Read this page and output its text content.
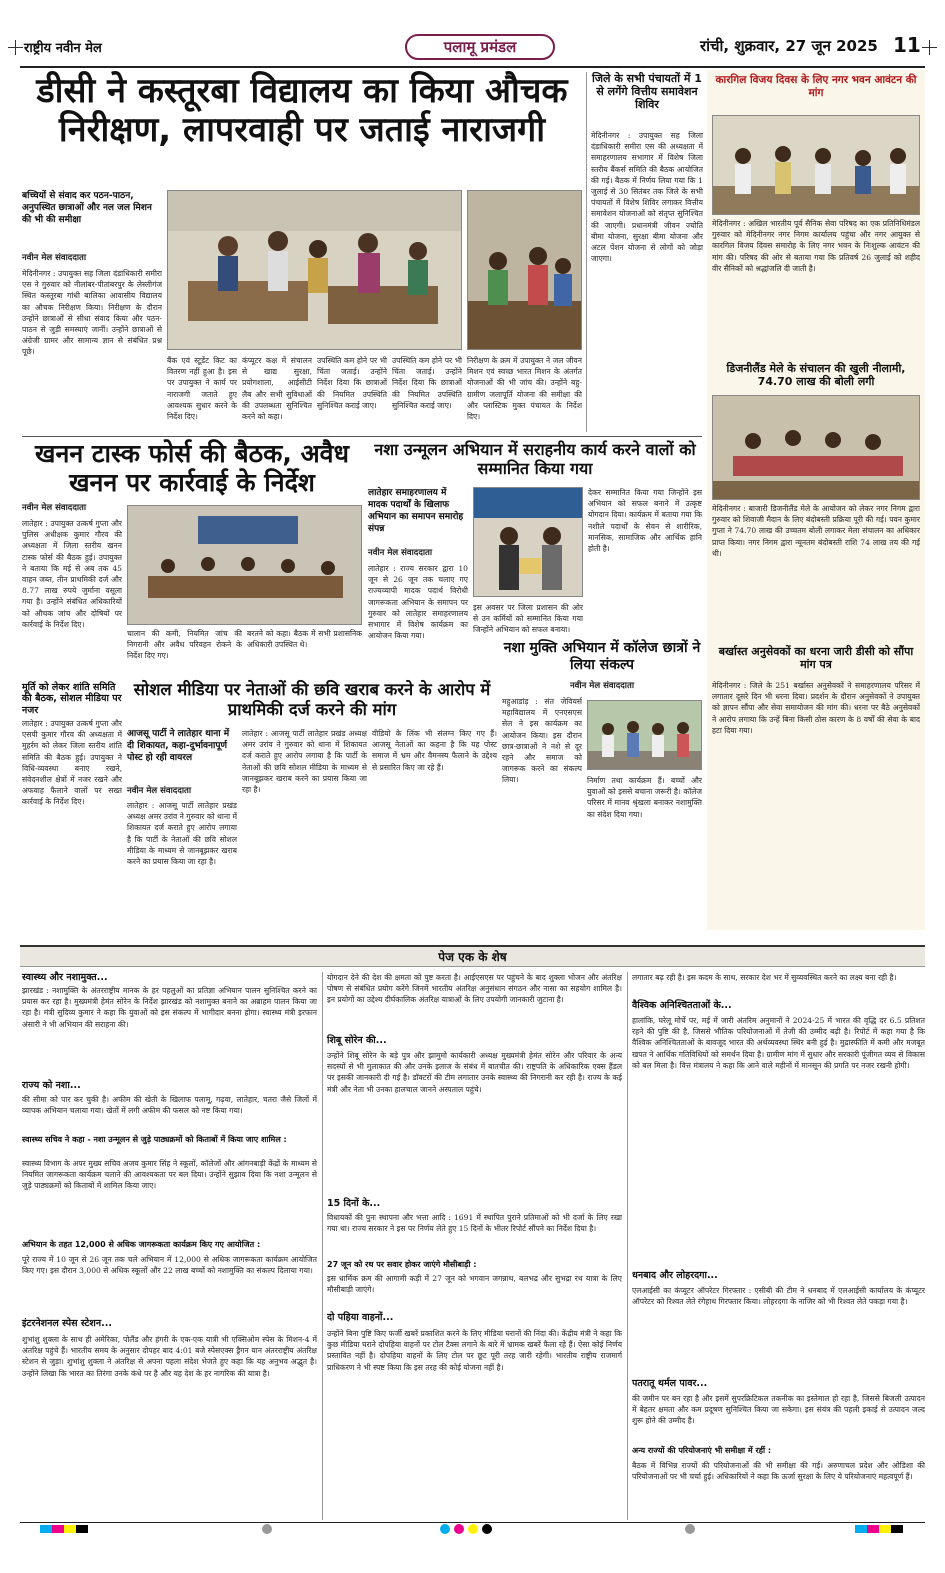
राष्ट्रीय नवीन मेल	पलामू प्रमंडल	रांची, शुक्रवार, 27 जून 2025 11
डीसी ने कस्तूरबा विद्यालय का किया औचक निरीक्षण, लापरवाही पर जताई नाराजगी
बच्चियों से संवाद कर पठन-पाठन, अनुपस्थित छात्राओं और नल जल मिशन की भी की समीक्षा
नवीन मेल संवाददाता
मेदिनीनगर : उपायुक्त सह जिला दंडाधिकारी समीरा एस ने गुरुवार को नीलांबर-पीतांबरपुर के लेस्लीगंज स्थित कस्तूरबा गांधी बालिका आवासीय विद्यालय का औचक निरीक्षण किया। निरीक्षण के दौरान उन्होंने छात्राओं से सीधा संवाद किया और पठन-पाठन से जुड़ी समस्याएं जानीं। उन्होंने छात्राओं से अंग्रेजी ग्रामर और सामान्य ज्ञान से संबंधित प्रश्न पूछे।
बैंक एवं स्टूडेंट किट का वितरण नहीं हुआ है। इस पर उपायुक्त ने कार्य पर नाराजगी जताते हुए आवश्यक सुधार करने के निर्देश दिए।
कंप्यूटर कक्ष में संचालन से खाद्य सुरक्षा, प्रयोगशाला, आईसीटी लैब और सभी सुविधाओं की उपलब्धता सुनिश्चित करने को कहा।
उपस्थिति कम होने पर भी चिंता जताई। उन्होंने निर्देश दिया कि छात्राओं की नियमित उपस्थिति सुनिश्चित कराई जाए।
उपस्थिति कम होने पर भी चिंता जताई। उन्होंने निर्देश दिया कि छात्राओं की नियमित उपस्थिति सुनिश्चित कराई जाए।
निरीक्षण के क्रम में उपायुक्त ने जल जीवन मिशन एवं स्वच्छ भारत मिशन के अंतर्गत योजनाओं की भी जांच की। उन्होंने बहु-ग्रामीण जलापूर्ति योजना की समीक्षा की और प्लास्टिक मुक्त पंचायत के निर्देश दिए।
जिले के सभी पंचायतों में 1 से लगेंगे वित्तीय समावेशन शिविर
मेदिनीनगर : उपायुक्त सह जिला दंडाधिकारी समीरा एस की अध्यक्षता में समाहरणालय सभागार में विशेष जिला स्तरीय बैंकर्स समिति की बैठक आयोजित की गई। बैठक में निर्णय लिया गया कि 1 जुलाई से 30 सितंबर तक जिले के सभी पंचायतों में विशेष शिविर लगाकर वित्तीय समावेशन योजनाओं को संतृप्त सुनिश्चित की जाएगी। प्रधानमंत्री जीवन ज्योति बीमा योजना, सुरक्षा बीमा योजना और अटल पेंशन योजना से लोगों को जोड़ा जाएगा।
कारगिल विजय दिवस के लिए नगर भवन आवंटन की मांग
मेदिनीनगर : अखिल भारतीय पूर्व सैनिक सेवा परिषद का एक प्रतिनिधिमंडल गुरुवार को मेदिनीनगर नगर निगम कार्यालय पहुंचा और नगर आयुक्त से कारगिल विजय दिवस समारोह के लिए नगर भवन के निःशुल्क आवंटन की मांग की। परिषद की ओर से बताया गया कि प्रतिवर्ष 26 जुलाई को शहीद वीर सैनिकों को श्रद्धांजलि दी जाती है।
डिजनीलैंड मेले के संचालन की खुली नीलामी, 74.70 लाख की बोली लगी
मेदिनीनगर : बाजारी डिजनीलैंड मेले के आयोजन को लेकर नगर निगम द्वारा गुरुवार को शिवाजी मैदान के लिए बंदोबस्ती प्रक्रिया पूरी की गई। पवन कुमार गुप्ता ने 74.70 लाख की उच्चतम बोली लगाकर मेला संचालन का अधिकार प्राप्त किया। नगर निगम द्वारा न्यूनतम बंदोबस्ती राशि 74 लाख तय की गई थी।
बर्खास्त अनुसेवकों का धरना जारी डीसी को सौंपा मांग पत्र
मेदिनीनगर : जिले के 251 बर्खास्त अनुसेवकों ने समाहरणालय परिसर में लगातार दूसरे दिन भी धरना दिया। प्रदर्शन के दौरान अनुसेवकों ने उपायुक्त को ज्ञापन सौंपा और सेवा समायोजन की मांग की। धरना पर बैठे अनुसेवकों ने आरोप लगाया कि उन्हें बिना किसी ठोस कारण के 8 वर्षों की सेवा के बाद हटा दिया गया।
खनन टास्क फोर्स की बैठक, अवैध खनन पर कार्रवाई के निर्देश
नवीन मेल संवाददाता
लातेहार : उपायुक्त उत्कर्ष गुप्ता और पुलिस अधीक्षक कुमार गौरव की अध्यक्षता में जिला स्तरीय खनन टास्क फोर्स की बैठक हुई। उपायुक्त ने बताया कि मई से अब तक 45 वाहन जब्त, तीन प्राथमिकी दर्ज और 8.77 लाख रुपये जुर्माना वसूला गया है। उन्होंने संबंधित अधिकारियों को औचक जांच और दोषियों पर कार्रवाई के निर्देश दिए।
चालान की कमी, नियमित जांच की निगरानी और अवैध परिवहन रोकने के निर्देश दिए गए।
बरतने को कहा। बैठक में सभी प्रशासनिक अधिकारी उपस्थित थे।
मूर्ति को लेकर शांति समिति की बैठक, सोशल मीडिया पर नजर
लातेहार : उपायुक्त उत्कर्ष गुप्ता और एसपी कुमार गौरव की अध्यक्षता में मुहर्रम को लेकर जिला स्तरीय शांति समिति की बैठक हुई। उपायुक्त ने विधि-व्यवस्था बनाए रखने, संवेदनशील क्षेत्रों में नजर रखने और अफवाह फैलाने वालों पर सख्त कार्रवाई के निर्देश दिए।
नशा उन्मूलन अभियान में सराहनीय कार्य करने वालों को सम्मानित किया गया
लातेहार समाहरणालय में मादक पदार्थों के खिलाफ अभियान का समापन समारोह संपन्न
नवीन मेल संवाददाता
लातेहार : राज्य सरकार द्वारा 10 जून से 26 जून तक चलाए गए राज्यव्यापी मादक पदार्थ विरोधी जागरूकता अभियान के समापन पर गुरुवार को लातेहार समाहरणालय सभागार में विशेष कार्यक्रम का आयोजन किया गया।
इस अवसर पर जिला प्रशासन की ओर से उन कर्मियों को सम्मानित किया गया जिन्होंने अभियान को सफल बनाया।
देकर सम्मानित किया गया जिन्होंने इस अभियान को सफल बनाने में उत्कृष्ट योगदान दिया। कार्यक्रम में बताया गया कि नशीले पदार्थों के सेवन से शारीरिक, मानसिक, सामाजिक और आर्थिक हानि होती है।
सोशल मीडिया पर नेताओं की छवि खराब करने के आरोप में प्राथमिकी दर्ज करने की मांग
आजसू पार्टी ने लातेहार थाना में दी शिकायत, कहा-दुर्भावनापूर्ण पोस्ट हो रही वायरल
नवीन मेल संवाददाता
लातेहार : आजसू पार्टी लातेहार प्रखंड अध्यक्ष अमर उरांव ने गुरुवार को थाना में शिकायत दर्ज कराते हुए आरोप लगाया है कि पार्टी के नेताओं की छवि सोशल मीडिया के माध्यम से जानबूझकर खराब करने का प्रयास किया जा रहा है।
लातेहार : आजसू पार्टी लातेहार प्रखंड अध्यक्ष अमर उरांव ने गुरुवार को थाना में शिकायत दर्ज कराते हुए आरोप लगाया है कि पार्टी के नेताओं की छवि सोशल मीडिया के माध्यम से जानबूझकर खराब करने का प्रयास किया जा रहा है।
वीडियो के लिंक भी संलग्न किए गए हैं। आजसू नेताओं का कहना है कि यह पोस्ट समाज में भ्रम और वैमनस्य फैलाने के उद्देश्य से प्रसारित किए जा रहे हैं।
नशा मुक्ति अभियान में कॉलेज छात्रों ने लिया संकल्प
नवीन मेल संवाददाता
महुआडांड़ : संत जेवियर्स महाविद्यालय में एनएसएस सेल ने इस कार्यक्रम का आयोजन किया। इस दौरान छात्र-छात्राओं ने नशे से दूर रहने और समाज को जागरूक करने का संकल्प लिया।	निर्माण तथा कार्यक्रम हैं। बच्चों और युवाओं को इससे बचाना जरूरी है। कॉलेज परिसर में मानव श्रृंखला बनाकर नशामुक्ति का संदेश दिया गया।
पेज एक के शेष
स्वास्थ्य और नशामुक्त...
झारखंड : नशामुक्ति के अंतरराष्ट्रीय मानक के हर पहलुओं का प्रतिज्ञा अभियान पालन सुनिश्चित करने का प्रयास कर रहा है। मुख्यमंत्री हेमंत सोरेन के निर्देश झारखंड को नशामुक्त बनाने का अब्राहम पालन किया जा रहा है। मंत्री सुदिव्य कुमार ने कहा कि युवाओं को इस संकल्प में भागीदार बनना होगा। स्वास्थ्य मंत्री इरफान अंसारी ने भी अभियान की सराहना की।
राज्य को नशा...
की सीमा को पार कर चुकी है। अफीम की खेती के खिलाफ पलामू, गढ़वा, लातेहार, चतरा जैसे जिलों में व्यापक अभियान चलाया गया। खेतों में लगी अफीम की फसल को नष्ट किया गया।
स्वास्थ्य सचिव ने कहा - नशा उन्मूलन से जुड़े पाठ्यक्रमों को किताबों में किया जाए शामिल :
स्वास्थ्य विभाग के अपर मुख्य सचिव अजय कुमार सिंह ने स्कूलों, कॉलेजों और आंगनबाड़ी केंद्रों के माध्यम से नियमित जागरूकता कार्यक्रम चलाने की आवश्यकता पर बल दिया। उन्होंने सुझाव दिया कि नशा उन्मूलन से जुड़े पाठ्यक्रमों को किताबों में शामिल किया जाए।
अभियान के तहत 12,000 से अधिक जागरूकता कार्यक्रम किए गए आयोजित :
पूरे राज्य में 10 जून से 26 जून तक चले अभियान में 12,000 से अधिक जागरूकता कार्यक्रम आयोजित किए गए। इस दौरान 3,000 से अधिक स्कूलों और 22 लाख बच्चों को नशामुक्ति का संकल्प दिलाया गया।
इंटरनेशनल स्पेस स्टेशन...
शुभांशु शुक्ला के साथ ही अमेरिका, पोलैंड और हंगरी के एक-एक यात्री भी एक्सिओम स्पेस के मिशन-4 में अंतरिक्ष पहुंचे हैं। भारतीय समय के अनुसार दोपहर बाद 4:01 बजे स्पेसएक्स ड्रैगन यान अंतरराष्ट्रीय अंतरिक्ष स्टेशन से जुड़ा। शुभांशु शुक्ला ने अंतरिक्ष से अपना पहला संदेश भेजते हुए कहा कि यह अनुभव अद्भुत है। उन्होंने लिखा कि भारत का तिरंगा उनके कंधे पर है और यह देश के हर नागरिक की यात्रा है।
योगदान देने की देश की क्षमता को पुष्ट करता है। आईएसएस पर पहुंचने के बाद शुक्ला भोजन और अंतरिक्ष पोषण से संबंधित प्रयोग करेंगे जिनमें भारतीय अंतरिक्ष अनुसंधान संगठन और नासा का सहयोग शामिल है। इन प्रयोगों का उद्देश्य दीर्घकालिक अंतरिक्ष यात्राओं के लिए उपयोगी जानकारी जुटाना है।
शिबू सोरेन की...
उन्होंने शिबू सोरेन के बड़े पुत्र और झामुमो कार्यकारी अध्यक्ष मुख्यमंत्री हेमंत सोरेन और परिवार के अन्य सदस्यों से भी मुलाकात की और उनके इलाज के संबंध में बातचीत की। राष्ट्रपति के अधिकारिक एक्स हैंडल पर इसकी जानकारी दी गई है। डॉक्टरों की टीम लगातार उनके स्वास्थ्य की निगरानी कर रही है। राज्य के कई मंत्री और नेता भी उनका हालचाल जानने अस्पताल पहुंचे।
15 दिनों के...
विधायकों की पुनः स्थापना और भत्ता आदि : 1691 में स्थापित पुराने प्रतिमाओं को भी दर्जा के लिए रखा गया था। राज्य सरकार ने इस पर निर्णय लेते हुए 15 दिनों के भीतर रिपोर्ट सौंपने का निर्देश दिया है।
27 जून को रथ पर सवार होकर जाएंगे मौसीबाड़ी :
इस धार्मिक क्रम की आगामी कड़ी में 27 जून को भगवान जगन्नाथ, बलभद्र और सुभद्रा रथ यात्रा के लिए मौसीबाड़ी जाएंगे।
दो पहिया वाहनों...
उन्होंने बिना पुष्टि किए फर्जी खबरें प्रकाशित करने के लिए मीडिया घरानों की निंदा की। केंद्रीय मंत्री ने कहा कि कुछ मीडिया घराने दोपहिया वाहनों पर टोल टैक्स लगाने के बारे में भ्रामक खबरें फैला रहे हैं। ऐसा कोई निर्णय प्रस्तावित नहीं है। दोपहिया वाहनों के लिए टोल पर छूट पूरी तरह जारी रहेगी। भारतीय राष्ट्रीय राजमार्ग प्राधिकरण ने भी स्पष्ट किया कि इस तरह की कोई योजना नहीं है।
लगातार बढ़ रही है। इस कदम के साथ, सरकार देश भर में सुव्यवस्थित करने का लक्ष्य बना रही है।
वैश्विक अनिश्चितताओं के...
हालांकि, घरेलू मोर्चे पर, मई में जारी अंतरिम अनुमानों ने 2024-25 में भारत की वृद्धि दर 6.5 प्रतिशत रहने की पुष्टि की है, जिससे भौतिक परियोजनाओं में तेजी की उम्मीद बढ़ी है। रिपोर्ट में कहा गया है कि वैश्विक अनिश्चितताओं के बावजूद भारत की अर्थव्यवस्था स्थिर बनी हुई है। मुद्रास्फीति में कमी और मजबूत खपत ने आर्थिक गतिविधियों को समर्थन दिया है। ग्रामीण मांग में सुधार और सरकारी पूंजीगत व्यय से विकास को बल मिला है। वित्त मंत्रालय ने कहा कि आने वाले महीनों में मानसून की प्रगति पर नजर रखनी होगी।
धनबाद और लोहरदगा...
एलआईसी का कंप्यूटर ऑपरेटर गिरफ्तार : एसीबी की टीम ने धनबाद में एलआईसी कार्यालय के कंप्यूटर ऑपरेटर को रिश्वत लेते रंगेहाथ गिरफ्तार किया। लोहरदगा के नाजिर को भी रिश्वत लेते पकड़ा गया है।
पतरातू थर्मल पावर...
की जमीन पर बन रहा है और इसमें सुपरक्रिटिकल तकनीक का इस्तेमाल हो रहा है, जिससे बिजली उत्पादन में बेहतर क्षमता और कम प्रदूषण सुनिश्चित किया जा सकेगा। इस संयंत्र की पहली इकाई से उत्पादन जल्द शुरू होने की उम्मीद है।
अन्य राज्यों की परियोजनाएं भी समीक्षा में रहीं :
बैठक में विभिन्न राज्यों की परियोजनाओं की भी समीक्षा की गई। अरुणाचल प्रदेश और ओडिशा की परियोजनाओं पर भी चर्चा हुई। अधिकारियों ने कहा कि ऊर्जा सुरक्षा के लिए ये परियोजनाएं महत्वपूर्ण हैं।
